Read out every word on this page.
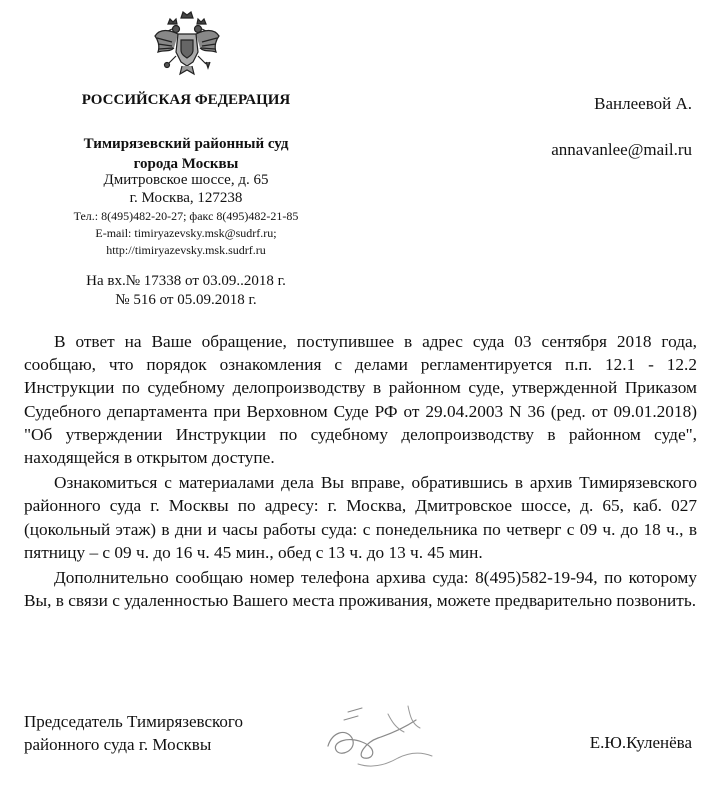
РОССИЙСКАЯ ФЕДЕРАЦИЯ
Тимирязевский районный суд
города Москвы
Дмитровское шоссе, д. 65
г. Москва, 127238
Тел.: 8(495)482-20-27; факс 8(495)482-21-85
E-mail: timiryazevsky.msk@sudrf.ru;
http://timiryazevsky.msk.sudrf.ru
На вх.№ 17338 от 03.09..2018 г.
№ 516 от 05.09.2018 г.
Ванлеевой А.
annavanlee@mail.ru

В ответ на Ваше обращение, поступившее в адрес суда 03 сентября 2018 года, сообщаю, что порядок ознакомления с делами регламентируется п.п. 12.1 - 12.2 Инструкции по судебному делопроизводству в районном суде, утвержденной Приказом Судебного департамента при Верховном Суде РФ от 29.04.2003 N 36 (ред. от 09.01.2018) "Об утверждении Инструкции по судебному делопроизводству в районном суде", находящейся в открытом доступе.

Ознакомиться с материалами дела Вы вправе, обратившись в архив Тимирязевского районного суда г. Москвы по адресу: г. Москва, Дмитровское шоссе, д. 65, каб. 027 (цокольный этаж) в дни и часы работы суда: с понедельника по четверг с 09 ч. до 18 ч., в пятницу – с 09 ч. до 16 ч. 45 мин., обед с 13 ч. до 13 ч. 45 мин.

Дополнительно сообщаю номер телефона архива суда: 8(495)582-19-94, по которому Вы, в связи с удаленностью Вашего места проживания, можете предварительно позвонить.

Председатель Тимирязевского
районного суда г. Москвы	Е.Ю.Куленёва
